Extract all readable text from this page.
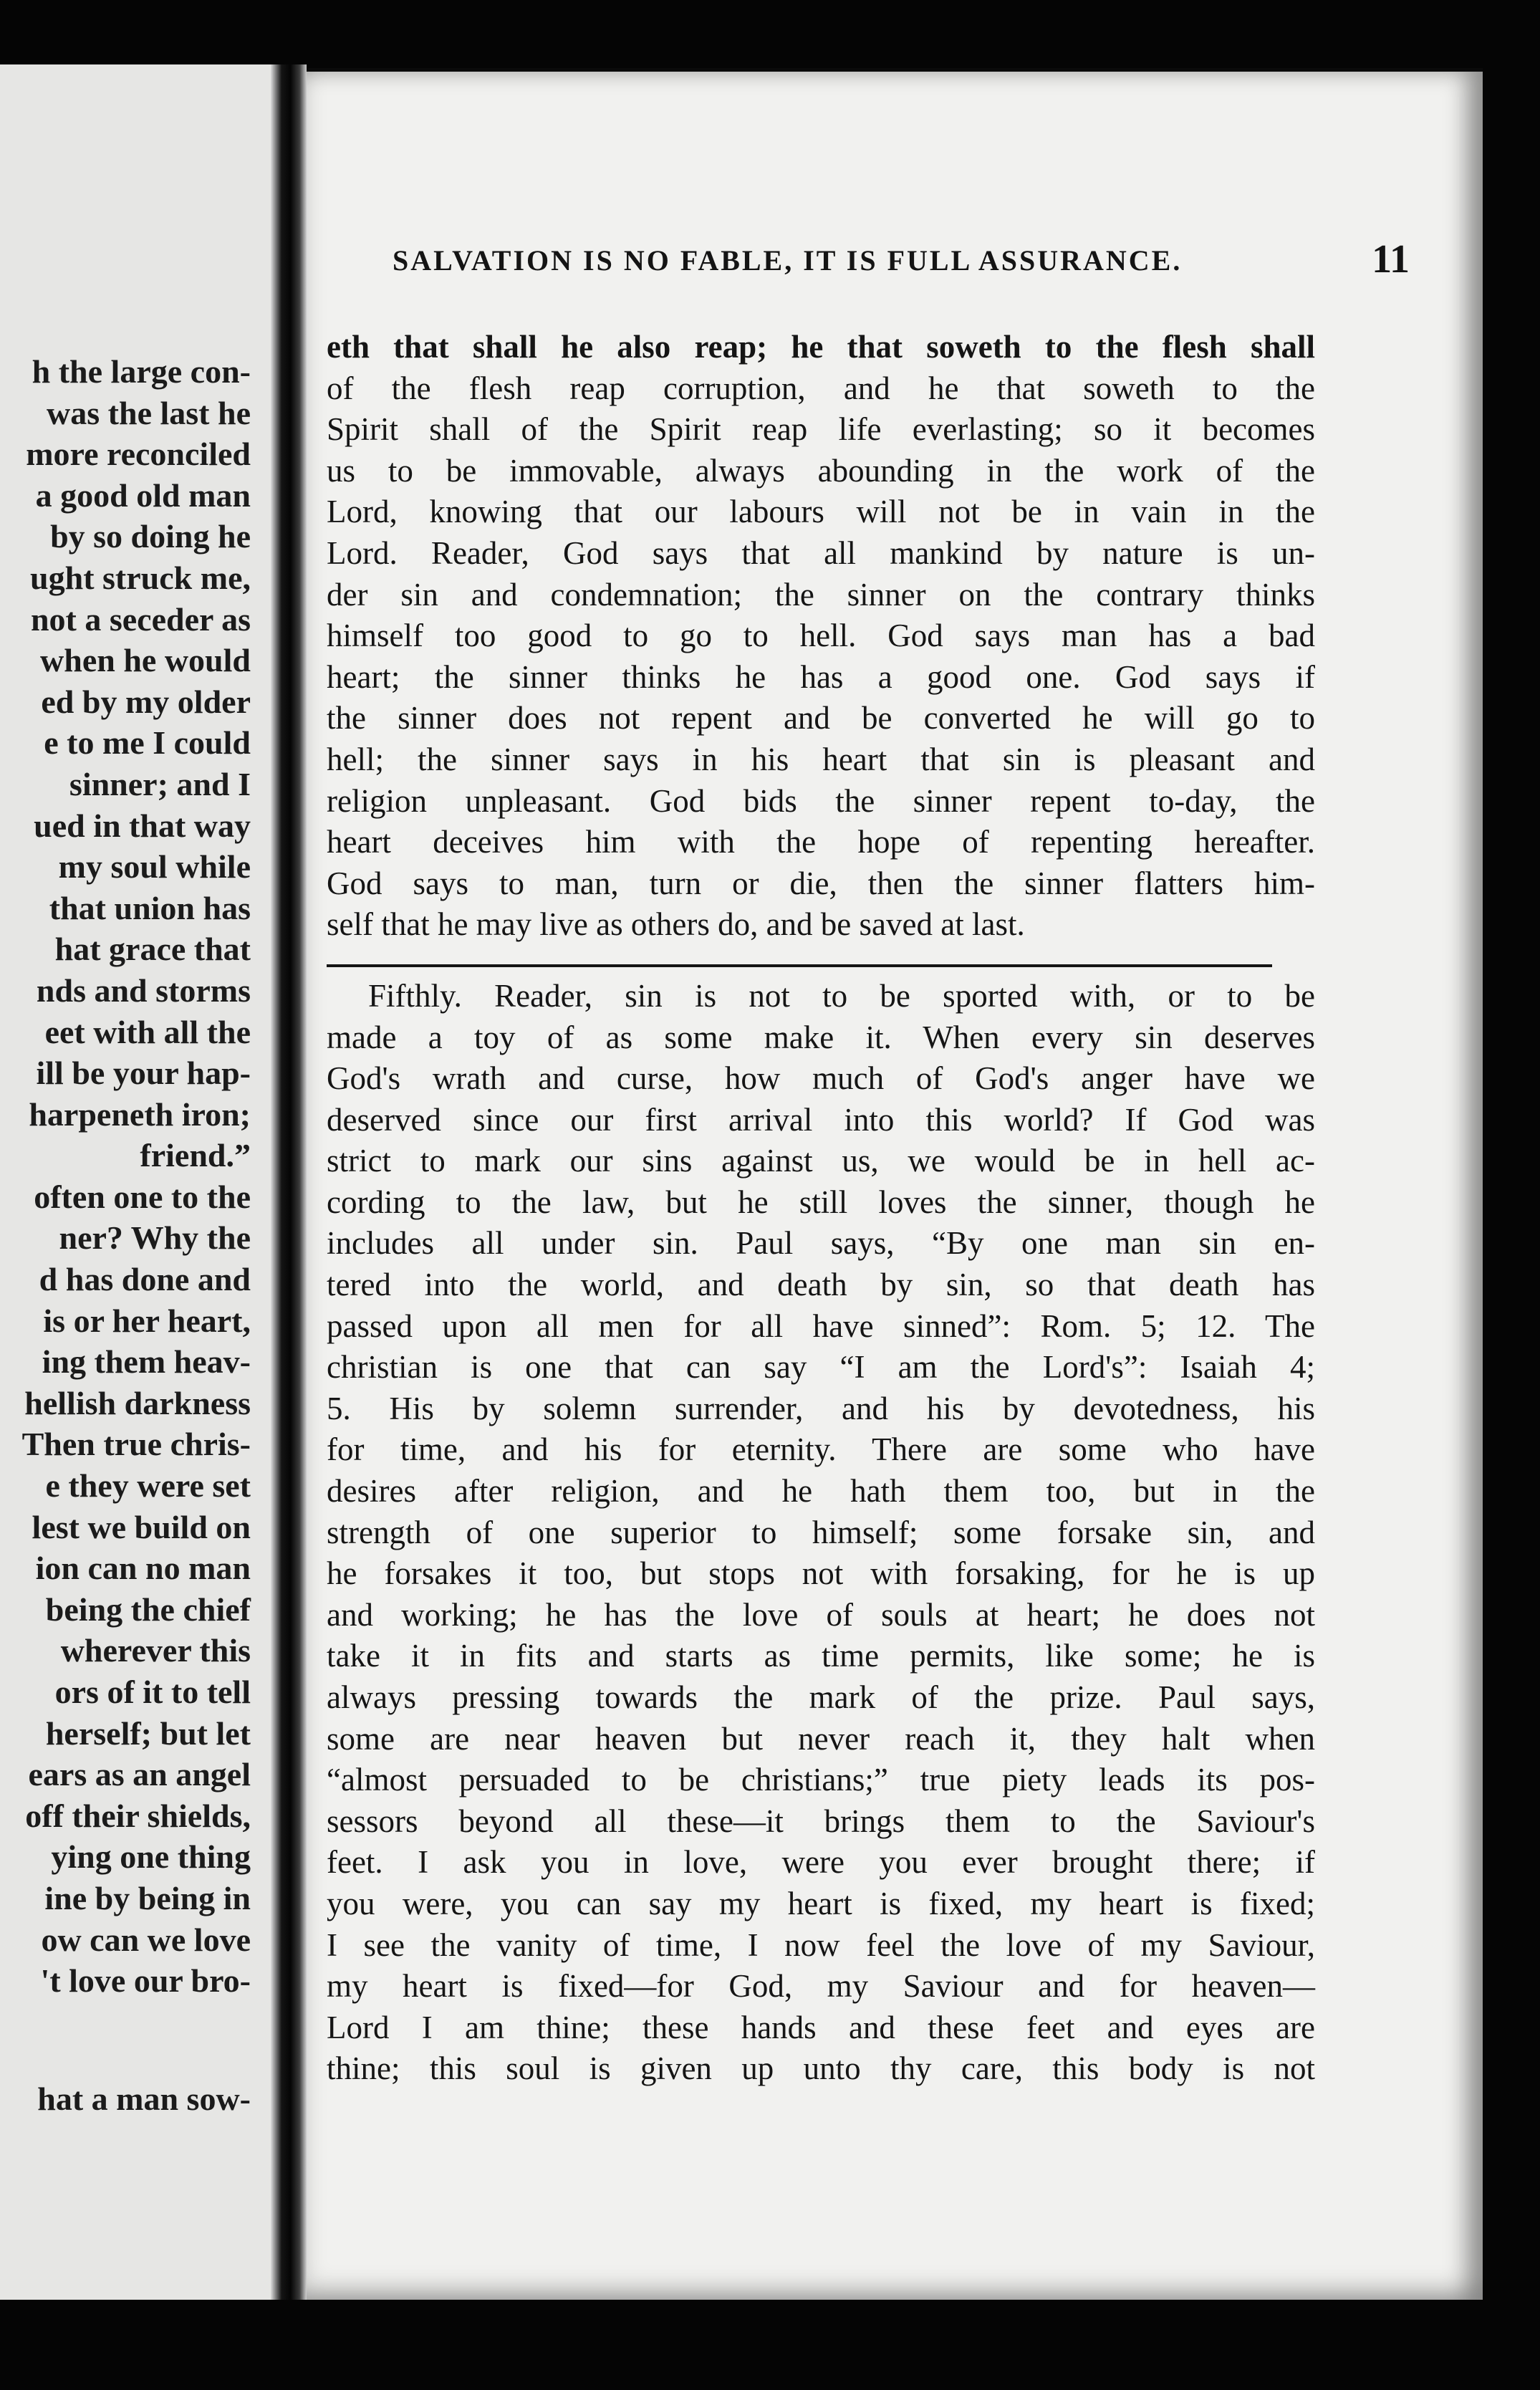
h the large con-
was the last he
more reconciled
a good old man
by so doing he
ught struck me,
not a seceder as
when he would
ed by my older
e to me I could
sinner; and I
ued in that way
my soul while
that union has
hat grace that
nds and storms
eet with all the
ill be your hap-
harpeneth iron;
friend.”
often one to the
ner? Why the
d has done and
is or her heart,
ing them heav-
hellish darkness
Then true chris-
e they were set
lest we build on
ion can no man
being the chief
wherever this
ors of it to tell
herself; but let
ears as an angel
off their shields,
ying one thing
ine by being in
ow can we love
't love our bro-
hat a man sow-
SALVATION IS NO FABLE, IT IS FULL ASSURANCE.	11
eth that shall he also reap; he that soweth to the flesh shall
of the flesh reap corruption, and he that soweth to the
Spirit shall of the Spirit reap life everlasting; so it becomes
us to be immovable, always abounding in the work of the
Lord, knowing that our labours will not be in vain in the
Lord. Reader, God says that all mankind by nature is un-
der sin and condemnation; the sinner on the contrary thinks
himself too good to go to hell. God says man has a bad
heart; the sinner thinks he has a good one. God says if
the sinner does not repent and be converted he will go to
hell; the sinner says in his heart that sin is pleasant and
religion unpleasant. God bids the sinner repent to-day, the
heart deceives him with the hope of repenting hereafter.
God says to man, turn or die, then the sinner flatters him-
self that he may live as others do, and be saved at last.
Fifthly. Reader, sin is not to be sported with, or to be
made a toy of as some make it. When every sin deserves
God's wrath and curse, how much of God's anger have we
deserved since our first arrival into this world? If God was
strict to mark our sins against us, we would be in hell ac-
cording to the law, but he still loves the sinner, though he
includes all under sin. Paul says, “By one man sin en-
tered into the world, and death by sin, so that death has
passed upon all men for all have sinned”: Rom. 5; 12. The
christian is one that can say “I am the Lord's”: Isaiah 4;
5. His by solemn surrender, and his by devotedness, his
for time, and his for eternity. There are some who have
desires after religion, and he hath them too, but in the
strength of one superior to himself; some forsake sin, and
he forsakes it too, but stops not with forsaking, for he is up
and working; he has the love of souls at heart; he does not
take it in fits and starts as time permits, like some; he is
always pressing towards the mark of the prize. Paul says,
some are near heaven but never reach it, they halt when
“almost persuaded to be christians;” true piety leads its pos-
sessors beyond all these—it brings them to the Saviour's
feet. I ask you in love, were you ever brought there; if
you were, you can say my heart is fixed, my heart is fixed;
I see the vanity of time, I now feel the love of my Saviour,
my heart is fixed—for God, my Saviour and for heaven—
Lord I am thine; these hands and these feet and eyes are
thine; this soul is given up unto thy care, this body is not
